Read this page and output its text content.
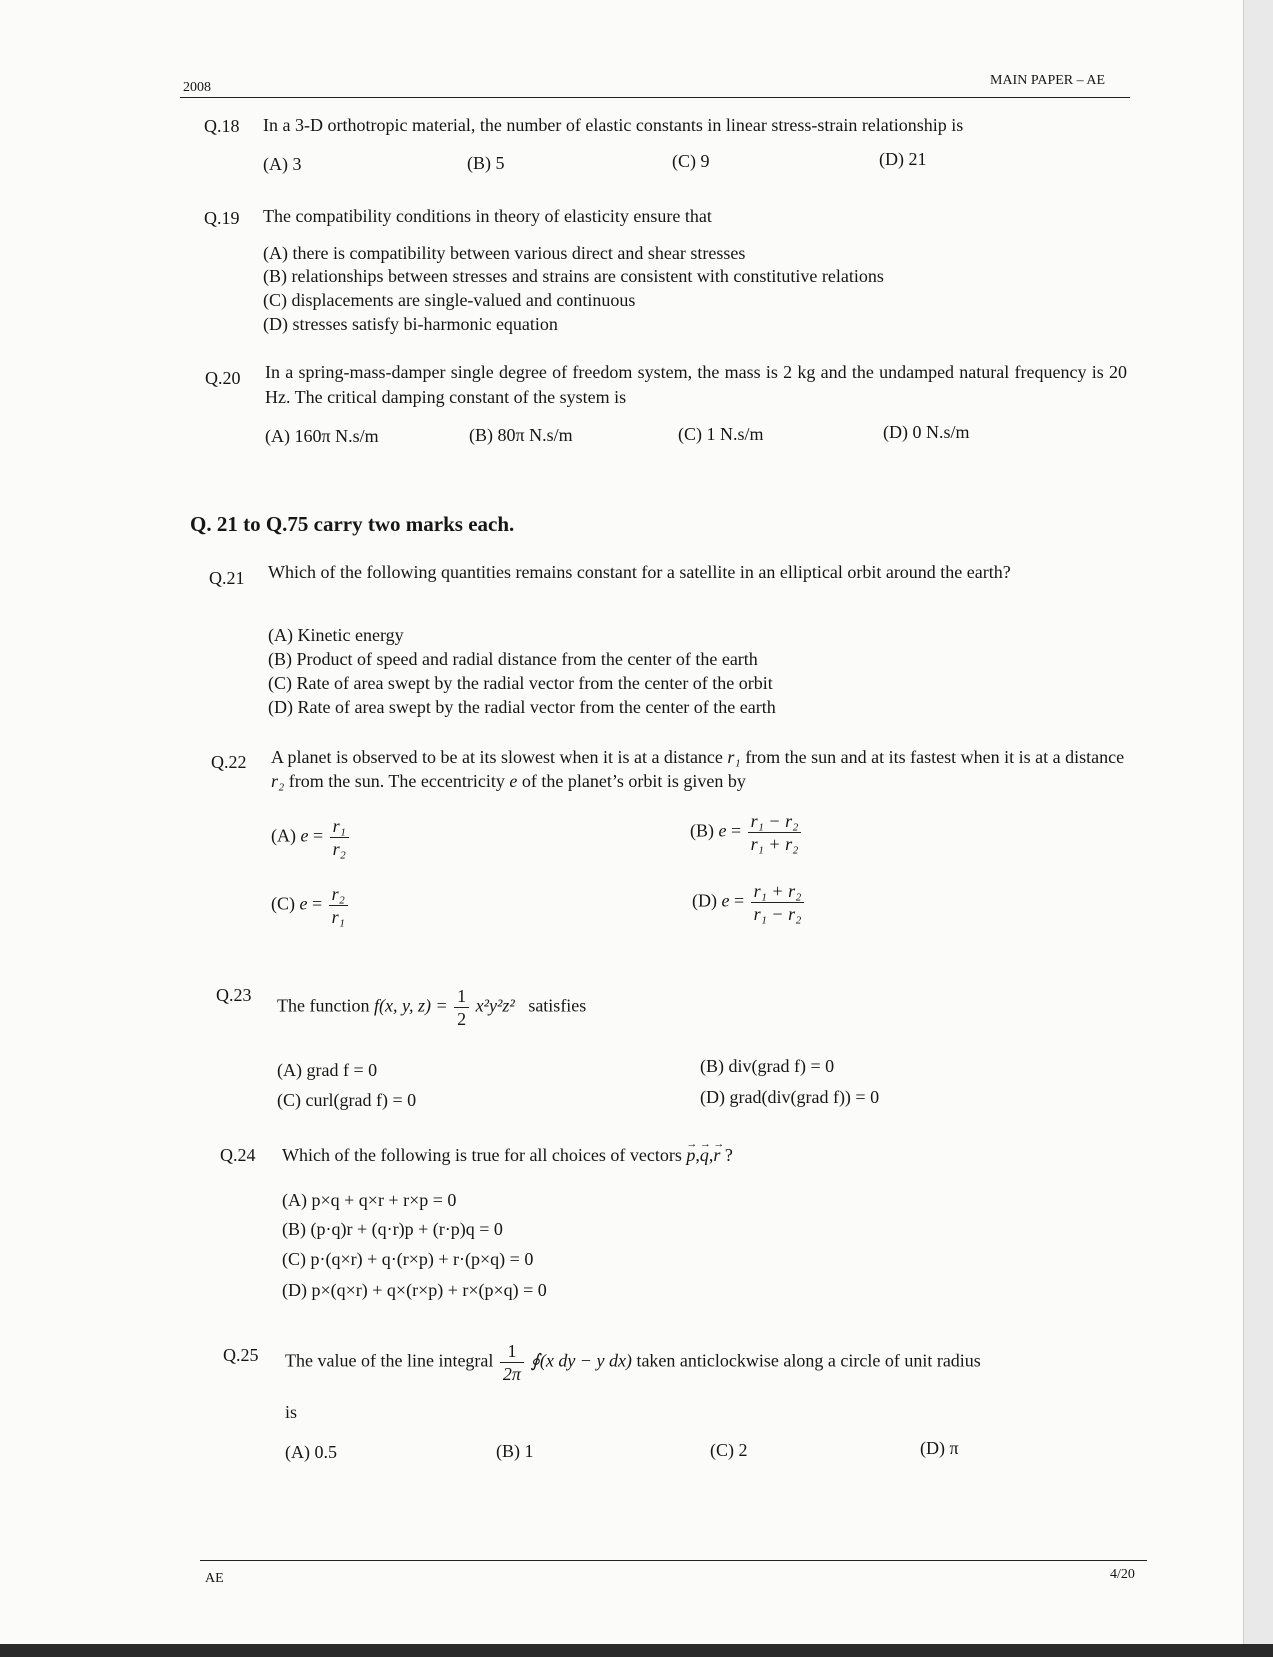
2008	MAIN PAPER – AE
Q.18 In a 3-D orthotropic material, the number of elastic constants in linear stress-strain relationship is
(A) 3	(B) 5	(C) 9	(D) 21
Q.19 The compatibility conditions in theory of elasticity ensure that
(A) there is compatibility between various direct and shear stresses
(B) relationships between stresses and strains are consistent with constitutive relations
(C) displacements are single-valued and continuous
(D) stresses satisfy bi-harmonic equation
Q.20 In a spring-mass-damper single degree of freedom system, the mass is 2 kg and the undamped natural frequency is 20 Hz. The critical damping constant of the system is
(A) 160π N.s/m	(B) 80π N.s/m	(C) 1 N.s/m	(D) 0 N.s/m
Q. 21 to Q.75 carry two marks each.
Q.21 Which of the following quantities remains constant for a satellite in an elliptical orbit around the earth?
(A) Kinetic energy
(B) Product of speed and radial distance from the center of the earth
(C) Rate of area swept by the radial vector from the center of the orbit
(D) Rate of area swept by the radial vector from the center of the earth
Q.22 A planet is observed to be at its slowest when it is at a distance r₁ from the sun and at its fastest when it is at a distance
r₂ from the sun. The eccentricity e of the planet’s orbit is given by
(A) $e = \frac{\text{r₁}}{\text{r₂}}$	(B) $e = \frac{\text{r₁ − r₂}}{\text{r₁ + r₂}}$
(C) $e = \frac{\text{r₂}}{\text{r₁}}$	(D) $e = \frac{\text{r₁ + r₂}}{\text{r₁ − r₂}}$
Q.23
The function f(x, y, $z) = \frac{1}{2} x^2y^2z^2$ satisfies
(A) grad f = 0	(B) div(grad f) = 0
(C) curl(grad f) = 0	(D) grad(div(grad f)) = 0
Q.24 Which of the following is true for all choices of vectors → p,→ q,→ r ?
(A) p×q + q×r + r×p = 0
(B) (p·q)r + (q·r)p + (r·p)q = 0
(C) p·(q×r) + q·(r×p) + r·(p×q) = 0
(D) p×(q×r) + q×(r×p) + r×(p×q) = 0
Q.25 The value of the line integral $\frac{1}{2\pi}$ ∮(x dy − y dx) taken anticlockwise along a circle of unit radius
is
(A) 0.5	(B) 1	(C) 2	(D) π
AE	4/20
